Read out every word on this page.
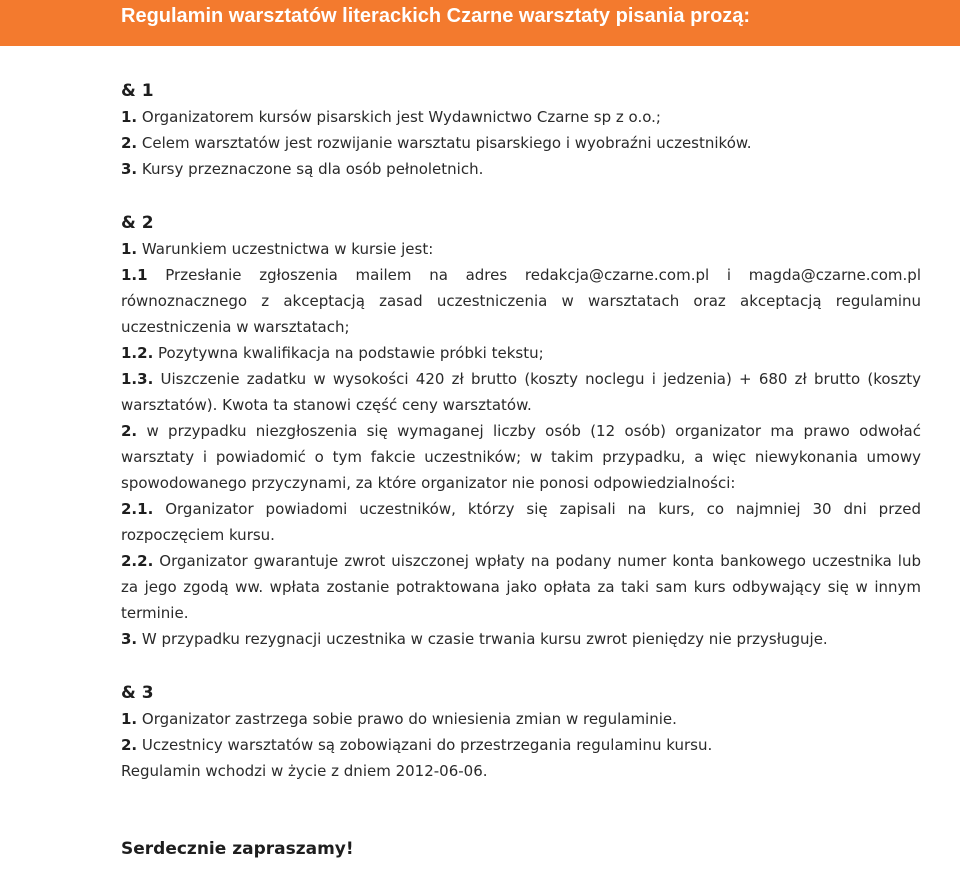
Regulamin warsztatów literackich Czarne warsztaty pisania prozą:
& 1
1. Organizatorem kursów pisarskich jest Wydawnictwo Czarne sp z o.o.;
2. Celem warsztatów jest rozwijanie warsztatu pisarskiego i wyobraźni uczestników.
3. Kursy przeznaczone są dla osób pełnoletnich.
& 2
1. Warunkiem uczestnictwa w kursie jest:
1.1 Przesłanie zgłoszenia mailem na adres redakcja@czarne.com.pl i magda@czarne.com.pl równoznacznego z akceptacją zasad uczestniczenia w warsztatach oraz akceptacją regulaminu uczestniczenia w warsztatach;
1.2. Pozytywna kwalifikacja na podstawie próbki tekstu;
1.3. Uiszczenie zadatku w wysokości 420 zł brutto (koszty noclegu i jedzenia) + 680 zł brutto (koszty warsztatów). Kwota ta stanowi część ceny warsztatów.
2. w przypadku niezgłoszenia się wymaganej liczby osób (12 osób) organizator ma prawo odwołać warsztaty i powiadomić o tym fakcie uczestników; w takim przypadku, a więc niewykonania umowy spowodowanego przyczynami, za które organizator nie ponosi odpowiedzialności:
2.1. Organizator powiadomi uczestników, którzy się zapisali na kurs, co najmniej 30 dni przed rozpoczęciem kursu.
2.2. Organizator gwarantuje zwrot uiszczonej wpłaty na podany numer konta bankowego uczestnika lub za jego zgodą ww. wpłata zostanie potraktowana jako opłata za taki sam kurs odbywający się w innym terminie.
3. W przypadku rezygnacji uczestnika w czasie trwania kursu zwrot pieniędzy nie przysługuje.
& 3
1. Organizator zastrzega sobie prawo do wniesienia zmian w regulaminie.
2. Uczestnicy warsztatów są zobowiązani do przestrzegania regulaminu kursu.
Regulamin wchodzi w życie z dniem 2012-06-06.
Serdecznie zapraszamy!
